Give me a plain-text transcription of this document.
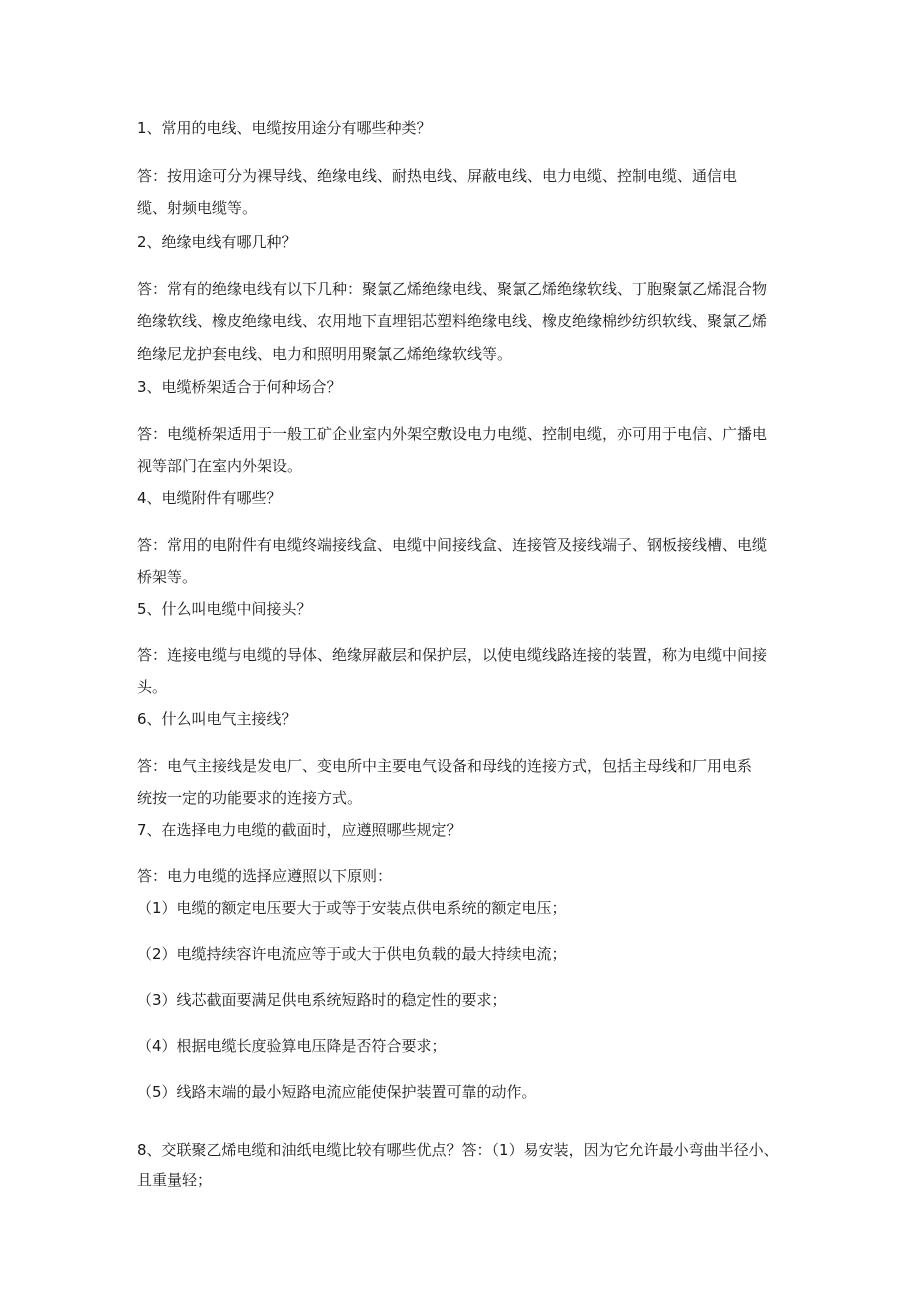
1、常用的电线、电缆按用途分有哪些种类？
答：按用途可分为裸导线、绝缘电线、耐热电线、屏蔽电线、电力电缆、控制电缆、通信电
缆、射频电缆等。
2、绝缘电线有哪几种？
答：常有的绝缘电线有以下几种：聚氯乙烯绝缘电线、聚氯乙烯绝缘软线、丁胞聚氯乙烯混合物
绝缘软线、橡皮绝缘电线、农用地下直埋铝芯塑料绝缘电线、橡皮绝缘棉纱纺织软线、聚氯乙烯
绝缘尼龙护套电线、电力和照明用聚氯乙烯绝缘软线等。
3、电缆桥架适合于何种场合？
答：电缆桥架适用于一般工矿企业室内外架空敷设电力电缆、控制电缆，亦可用于电信、广播电
视等部门在室内外架设。
4、电缆附件有哪些？
答：常用的电附件有电缆终端接线盒、电缆中间接线盒、连接管及接线端子、钢板接线槽、电缆
桥架等。
5、什么叫电缆中间接头？
答：连接电缆与电缆的导体、绝缘屏蔽层和保护层，以使电缆线路连接的装置，称为电缆中间接
头。
6、什么叫电气主接线？
答：电气主接线是发电厂、变电所中主要电气设备和母线的连接方式，包括主母线和厂用电系
统按一定的功能要求的连接方式。
7、在选择电力电缆的截面时，应遵照哪些规定？
答：电力电缆的选择应遵照以下原则：
（1）电缆的额定电压要大于或等于安装点供电系统的额定电压；
（2）电缆持续容许电流应等于或大于供电负载的最大持续电流；
（3）线芯截面要满足供电系统短路时的稳定性的要求；
（4）根据电缆长度验算电压降是否符合要求；
（5）线路末端的最小短路电流应能使保护装置可靠的动作。
8、交联聚乙烯电缆和油纸电缆比较有哪些优点？答：（1）易安装，因为它允许最小弯曲半径小、
且重量轻；
